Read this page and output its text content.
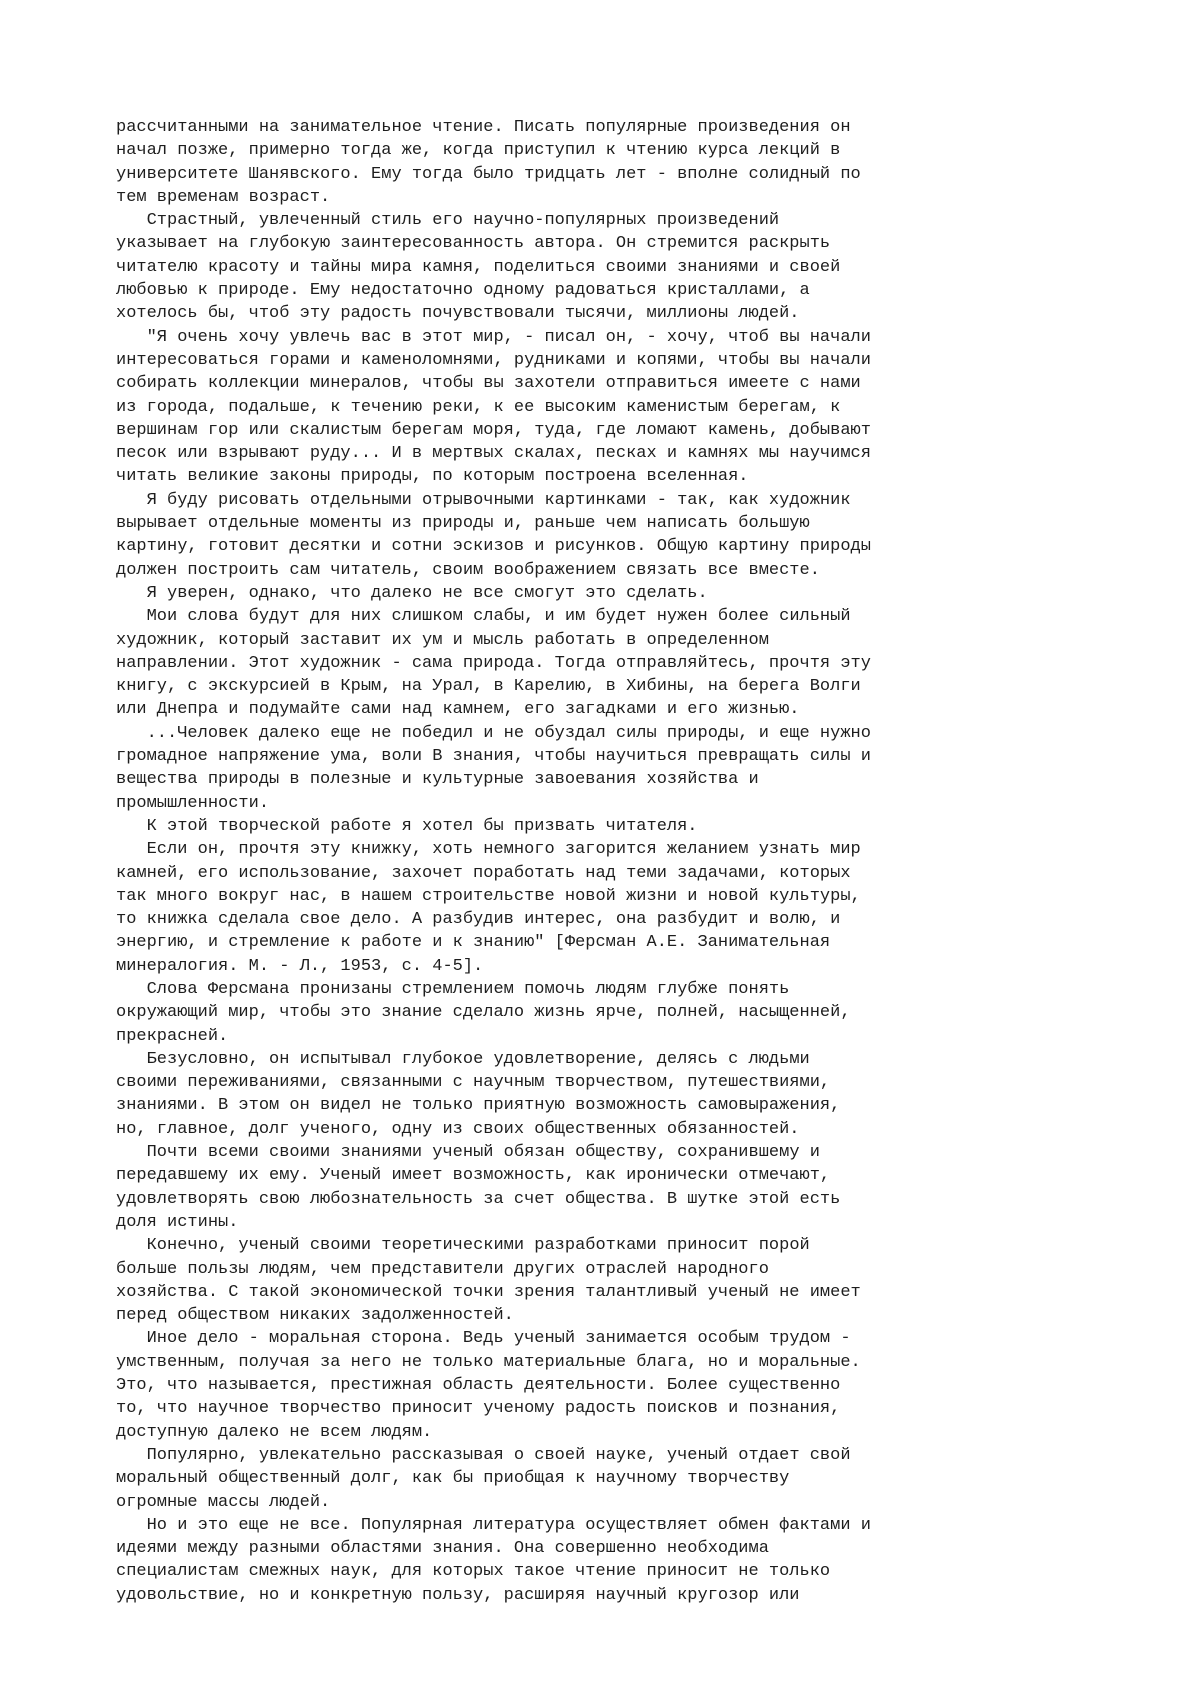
рассчитанными на занимательное чтение. Писать популярные произведения он
начал позже, примерно тогда же, когда приступил к чтению курса лекций в
университете Шанявского. Ему тогда было тридцать лет - вполне солидный по
тем временам возраст.

Страстный, увлеченный стиль его научно-популярных произведений
указывает на глубокую заинтересованность автора. Он стремится раскрыть
читателю красоту и тайны мира камня, поделиться своими знаниями и своей
любовью к природе. Ему недостаточно одному радоваться кристаллами, а
хотелось бы, чтоб эту радость почувствовали тысячи, миллионы людей.

"Я очень хочу увлечь вас в этот мир, - писал он, - хочу, чтоб вы начали
интересоваться горами и каменоломнями, рудниками и копями, чтобы вы начали
собирать коллекции минералов, чтобы вы захотели отправиться имеете с нами
из города, подальше, к течению реки, к ее высоким каменистым берегам, к
вершинам гор или скалистым берегам моря, туда, где ломают камень, добывают
песок или взрывают руду... И в мертвых скалах, песках и камнях мы научимся
читать великие законы природы, по которым построена вселенная.

Я буду рисовать отдельными отрывочными картинками - так, как художник
вырывает отдельные моменты из природы и, раньше чем написать большую
картину, готовит десятки и сотни эскизов и рисунков. Общую картину природы
должен построить сам читатель, своим воображением связать все вместе.

Я уверен, однако, что далеко не все смогут это сделать.

Мои слова будут для них слишком слабы, и им будет нужен более сильный
художник, который заставит их ум и мысль работать в определенном
направлении. Этот художник - сама природа. Тогда отправляйтесь, прочтя эту
книгу, с экскурсией в Крым, на Урал, в Карелию, в Хибины, на берега Волги
или Днепра и подумайте сами над камнем, его загадками и его жизнью.

...Человек далеко еще не победил и не обуздал силы природы, и еще нужно
громадное напряжение ума, воли В знания, чтобы научиться превращать силы и
вещества природы в полезные и культурные завоевания хозяйства и
промышленности.

К этой творческой работе я хотел бы призвать читателя.

Если он, прочтя эту книжку, хоть немного загорится желанием узнать мир
камней, его использование, захочет поработать над теми задачами, которых
так много вокруг нас, в нашем строительстве новой жизни и новой культуры,
то книжка сделала свое дело. А разбудив интерес, она разбудит и волю, и
энергию, и стремление к работе и к знанию" [Ферсман А.Е. Занимательная
минералогия. М. - Л., 1953, с. 4-5].

Слова Ферсмана пронизаны стремлением помочь людям глубже понять
окружающий мир, чтобы это знание сделало жизнь ярче, полней, насыщенней,
прекрасней.

Безусловно, он испытывал глубокое удовлетворение, делясь с людьми
своими переживаниями, связанными с научным творчеством, путешествиями,
знаниями. В этом он видел не только приятную возможность самовыражения,
но, главное, долг ученого, одну из своих общественных обязанностей.

Почти всеми своими знаниями ученый обязан обществу, сохранившему и
передавшему их ему. Ученый имеет возможность, как иронически отмечают,
удовлетворять свою любознательность за счет общества. В шутке этой есть
доля истины.

Конечно, ученый своими теоретическими разработками приносит порой
больше пользы людям, чем представители других отраслей народного
хозяйства. С такой экономической точки зрения талантливый ученый не имеет
перед обществом никаких задолженностей.

Иное дело - моральная сторона. Ведь ученый занимается особым трудом -
умственным, получая за него не только материальные блага, но и моральные.
Это, что называется, престижная область деятельности. Более существенно
то, что научное творчество приносит ученому радость поисков и познания,
доступную далеко не всем людям.

Популярно, увлекательно рассказывая о своей науке, ученый отдает свой
моральный общественный долг, как бы приобщая к научному творчеству
огромные массы людей.

Но и это еще не все. Популярная литература осуществляет обмен фактами и
идеями между разными областями знания. Она совершенно необходима
специалистам смежных наук, для которых такое чтение приносит не только
удовольствие, но и конкретную пользу, расширяя научный кругозор или
